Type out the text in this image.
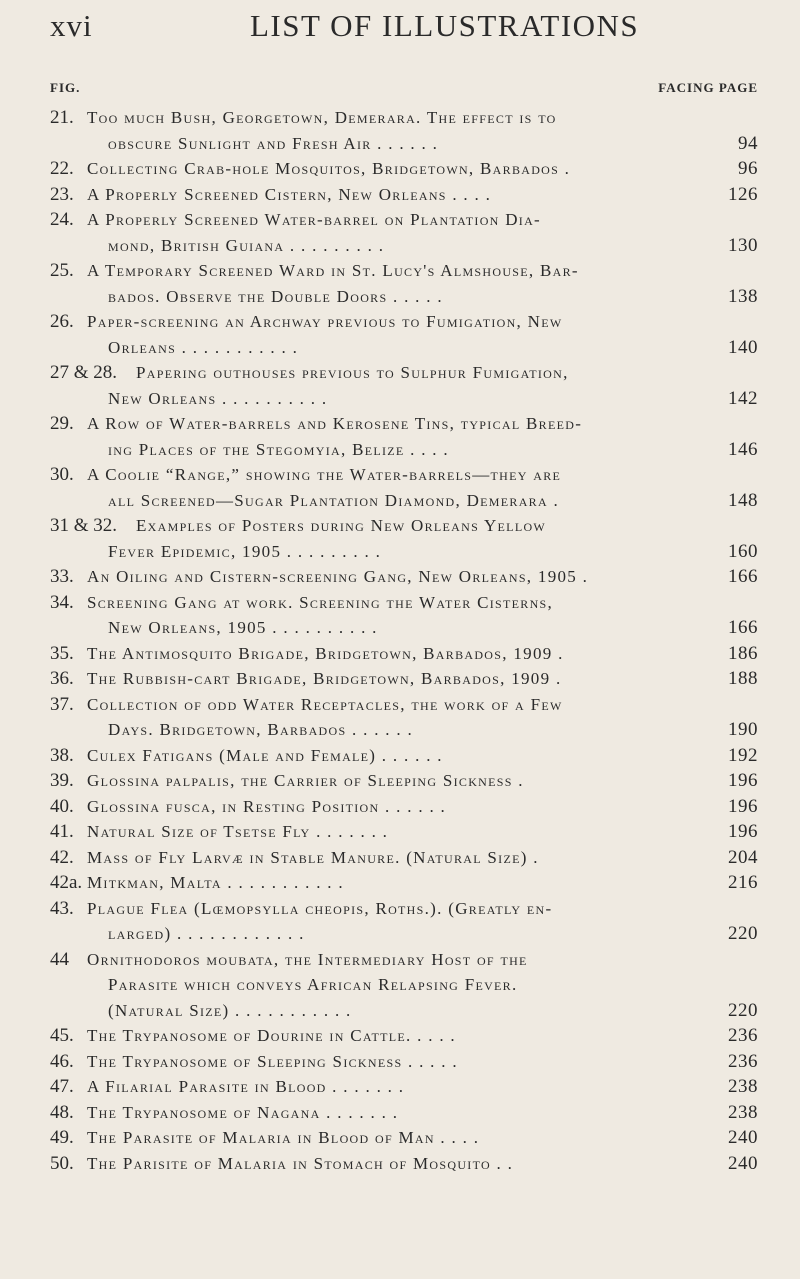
xvi	LIST OF ILLUSTRATIONS
FIG.	FACING PAGE
21. Too much Bush, Georgetown, Demerara. The effect is to
obscure Sunlight and Fresh Air . . . . . .	94
22. Collecting Crab-hole Mosquitos, Bridgetown, Barbados .	96
23. A Properly Screened Cistern, New Orleans . . . .	126
24. A Properly Screened Water-barrel on Plantation Dia-
mond, British Guiana . . . . . . . . .	130
25. A Temporary Screened Ward in St. Lucy's Almshouse, Bar-
bados. Observe the Double Doors . . . . .	138
26. Paper-screening an Archway previous to Fumigation, New
Orleans . . . . . . . . . . .	140
27 & 28.	Papering outhouses previous to Sulphur Fumigation,
New Orleans . . . . . . . . . .	142
29. A Row of Water-barrels and Kerosene Tins, typical Breed-
ing Places of the Stegomyia, Belize . . . .	146
30. A Coolie “Range,” showing the Water-barrels—they are
all Screened—Sugar Plantation Diamond, Demerara .	148
31 & 32.	Examples of Posters during New Orleans Yellow
Fever Epidemic, 1905 . . . . . . . . .	160
33. An Oiling and Cistern-screening Gang, New Orleans, 1905 .	166
34. Screening Gang at work. Screening the Water Cisterns,
New Orleans, 1905 . . . . . . . . . .	166
35. The Antimosquito Brigade, Bridgetown, Barbados, 1909 .	186
36. The Rubbish-cart Brigade, Bridgetown, Barbados, 1909 .	188
37. Collection of odd Water Receptacles, the work of a Few
Days. Bridgetown, Barbados . . . . . .	190
38. Culex Fatigans (Male and Female) . . . . . .	192
39. Glossina palpalis, the Carrier of Sleeping Sickness .	196
40. Glossina fusca, in Resting Position . . . . . .	196
41. Natural Size of Tsetse Fly . . . . . . .	196
42. Mass of Fly Larvæ in Stable Manure. (Natural Size) .	204
42a. Mitkman, Malta . . . . . . . . . . .	216
43. Plague Flea (Lœmopsylla cheopis, Roths.). (Greatly en-
larged) . . . . . . . . . . . .	220
44	Ornithodoros moubata, the Intermediary Host of the
Parasite which conveys African Relapsing Fever.
(Natural Size) . . . . . . . . . . .	220
45. The Trypanosome of Dourine in Cattle. . . . .	236
46. The Trypanosome of Sleeping Sickness . . . . .	236
47. A Filarial Parasite in Blood . . . . . . .	238
48. The Trypanosome of Nagana . . . . . . .	238
49. The Parasite of Malaria in Blood of Man . . . .	240
50. The Parisite of Malaria in Stomach of Mosquito . .	240
